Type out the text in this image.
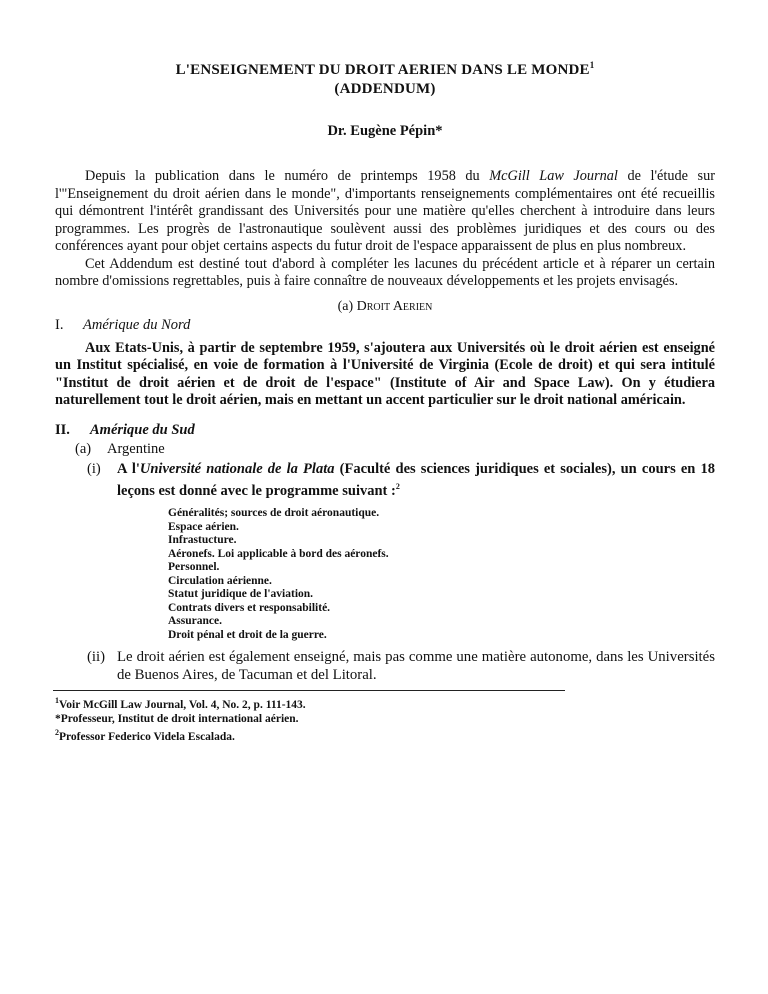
L'ENSEIGNEMENT DU DROIT AERIEN DANS LE MONDE$^1$
(ADDENDUM)
Dr. Eugène Pépin*

Depuis la publication dans le numéro de printemps 1958 du McGill Law Journal de l'étude sur l'"Enseignement du droit aérien dans le monde", d'importants renseignements complémentaires ont été recueillis qui démontrent l'intérêt grandissant des Universités pour une matière qu'elles cherchent à introduire dans leurs programmes. Les progrès de l'astronautique soulèvent aussi des problèmes juridiques et des cours ou des conférences ayant pour objet certains aspects du futur droit de l'espace apparaissent de plus en plus nombreux.

Cet Addendum est destiné tout d'abord à compléter les lacunes du précédent article et à réparer un certain nombre d'omissions regrettables, puis à faire connaître de nouveaux développements et les projets envisagés.

(a) Droit Aerien
I. Amérique du Nord

Aux Etats-Unis, à partir de septembre 1959, s'ajoutera aux Universités où le droit aérien est enseigné un Institut spécialisé, en voie de formation à l'Université de Virginia (Ecole de droit) et qui sera intitulé "Institut de droit aérien et de droit de l'espace" (Institute of Air and Space Law). On y étudiera naturellement tout le droit aérien, mais en mettant un accent particulier sur le droit national américain.

II. Amérique du Sud
(a) Argentine
(i)	A l'Université nationale de la Plata (Faculté des sciences juridiques et sociales), un cours en 18 leçons est donné avec le programme suivant :$^2$
Généralités; sources de droit aéronautique.
Espace aérien.
Infrastucture.
Aéronefs. Loi applicable à bord des aéronefs.
Personnel.
Circulation aérienne.
Statut juridique de l'aviation.
Contrats divers et responsabilité.
Assurance.
Droit pénal et droit de la guerre.
(ii) Le droit aérien est également enseigné, mais pas comme une matière autonome, dans les Universités de Buenos Aires, de Tacuman et del Litoral.
$^1$Voir McGill Law Journal, Vol. 4, No. 2, p. 111-143.
*Professeur, Institut de droit international aérien.
$^2$Professor Federico Videla Escalada.
